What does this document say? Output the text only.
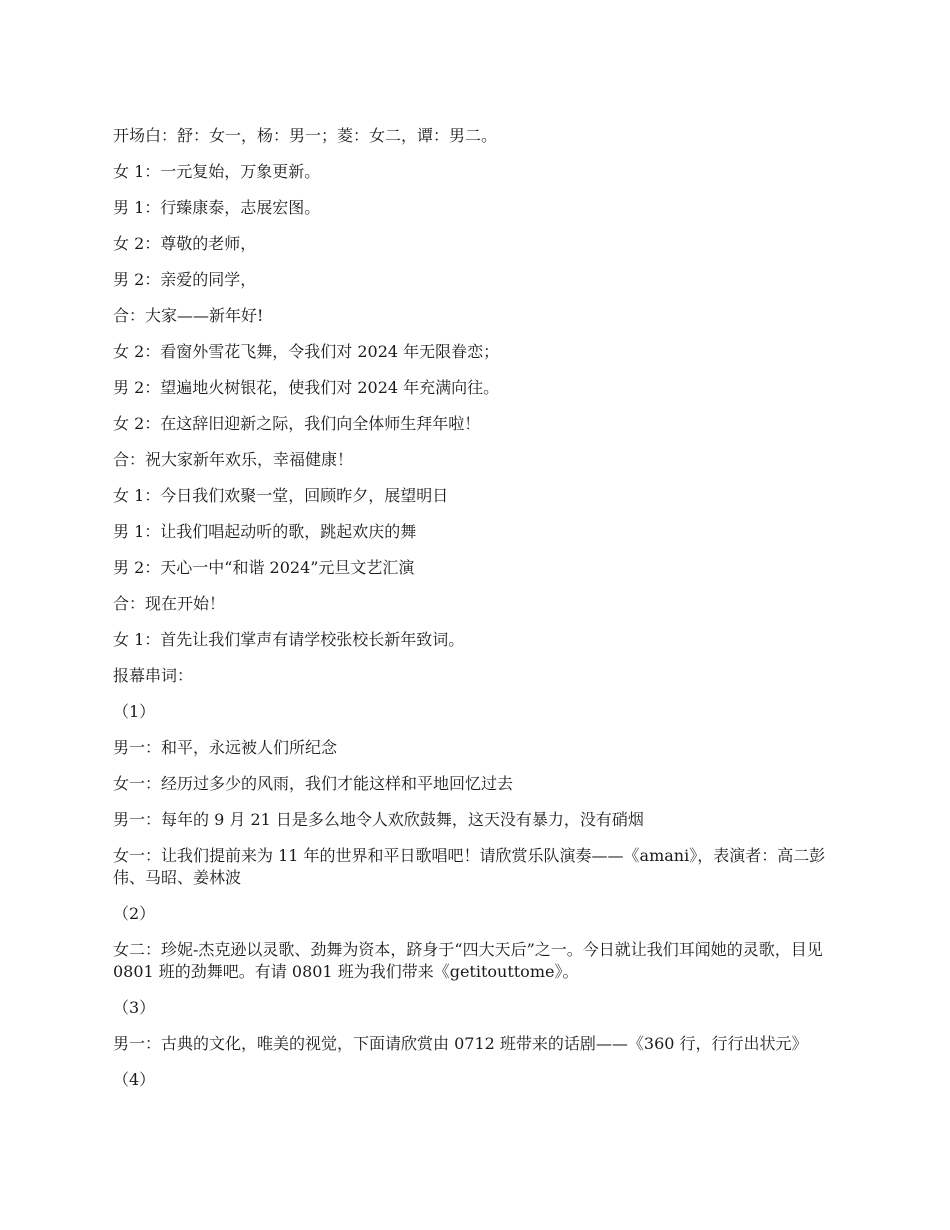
开场白：舒：女一，杨：男一；菱：女二，谭：男二。

女 1：一元复始，万象更新。

男 1：行臻康泰，志展宏图。

女 2：尊敬的老师，

男 2：亲爱的同学，

合：大家——新年好!

女 2：看窗外雪花飞舞，令我们对 2024 年无限眷恋；

男 2：望遍地火树银花，使我们对 2024 年充满向往。

女 2：在这辞旧迎新之际，我们向全体师生拜年啦！

合：祝大家新年欢乐，幸福健康！

女 1：今日我们欢聚一堂，回顾昨夕，展望明日

男 1：让我们唱起动听的歌，跳起欢庆的舞

男 2：天心一中“和谐 2024”元旦文艺汇演

合：现在开始！

女 1：首先让我们掌声有请学校张校长新年致词。

报幕串词：

（1）

男一：和平，永远被人们所纪念

女一：经历过多少的风雨，我们才能这样和平地回忆过去

男一：每年的 9 月 21 日是多么地令人欢欣鼓舞，这天没有暴力，没有硝烟

女一：让我们提前来为 11 年的世界和平日歌唱吧！请欣赏乐队演奏——《amani》，表演者：高二彭伟、马昭、姜林波

（2）

女二：珍妮-杰克逊以灵歌、劲舞为资本，跻身于“四大天后”之一。今日就让我们耳闻她的灵歌，目见 0801 班的劲舞吧。有请 0801 班为我们带来《getitouttome》。

（3）

男一：古典的文化，唯美的视觉，下面请欣赏由 0712 班带来的话剧——《360 行，行行出状元》

（4）
